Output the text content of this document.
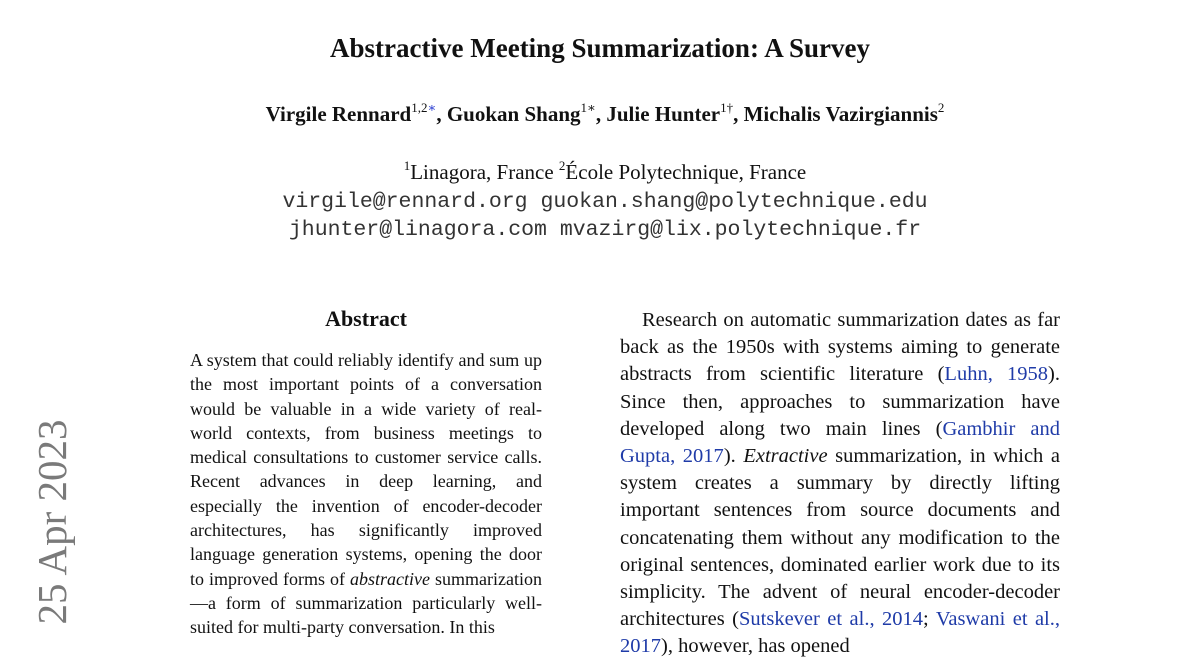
Abstractive Meeting Summarization: A Survey
Virgile Rennard$^{1,2∗}$, Guokan Shang$^{1∗}$, Julie Hunter$^{1\dagger}$, Michalis Vazirgiannis$^2$
$^1$Linagora, France $^2$École Polytechnique, France
virgile@rennard.org guokan.shang@polytechnique.edu
jhunter@linagora.com mvazirg@lix.polytechnique.fr
25 Apr 2023
Abstract
A system that could reliably identify and sum up the most important points of a conversation would be valuable in a wide variety of real-world contexts, from business meetings to medical consultations to customer service calls. Recent advances in deep learning, and especially the invention of encoder-decoder architectures, has significantly improved language generation systems, opening the door to improved forms of abstractive summarization—a form of summarization particularly well-suited for multi-party conversation. In this
Research on automatic summarization dates as far back as the 1950s with systems aiming to generate abstracts from scientific literature (Luhn, 1958). Since then, approaches to summarization have developed along two main lines (Gambhir and Gupta, 2017). Extractive summarization, in which a system creates a summary by directly lifting important sentences from source documents and concatenating them without any modification to the original sentences, dominated earlier work due to its simplicity. The advent of neural encoder-decoder architectures (Sutskever et al., 2014; Vaswani et al., 2017), however, has opened
